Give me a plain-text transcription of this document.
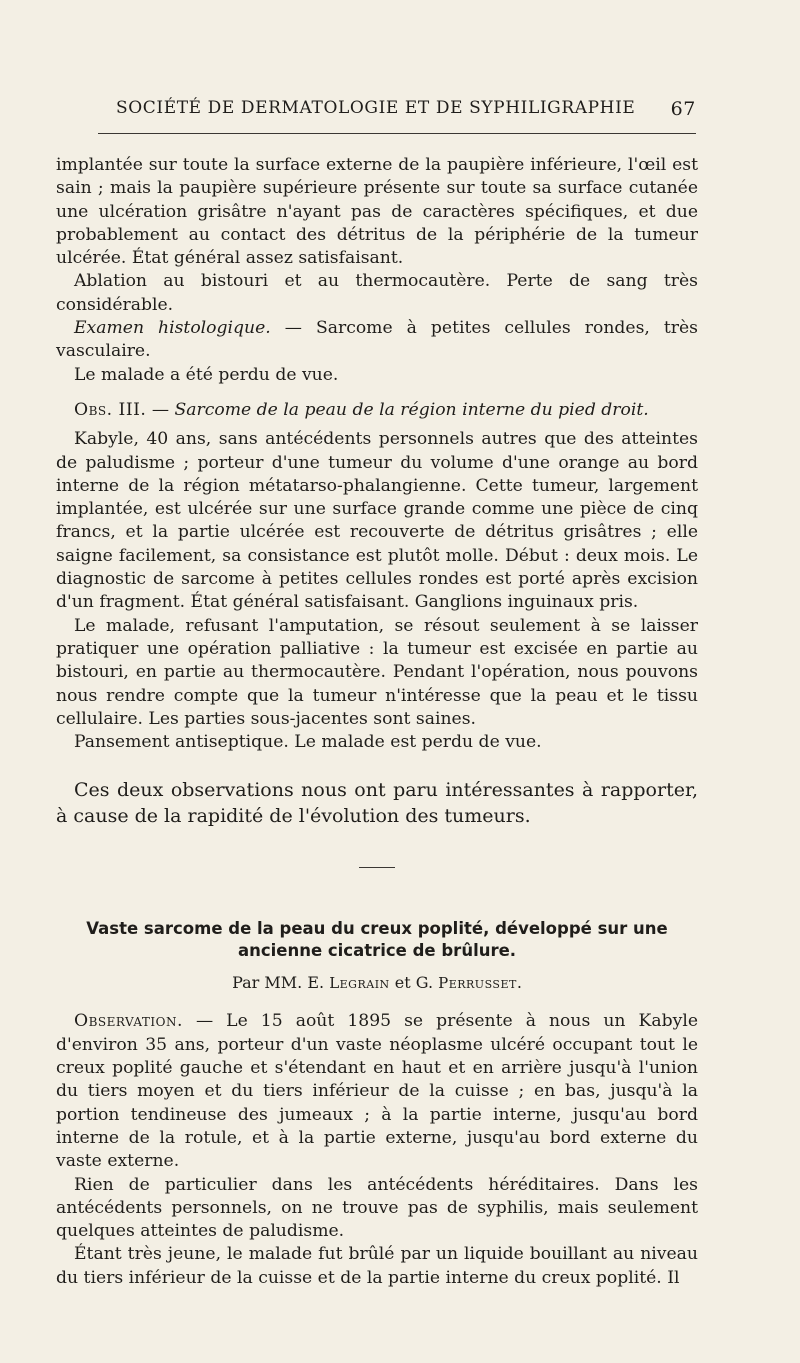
SOCIÉTÉ DE DERMATOLOGIE ET DE SYPHILIGRAPHIE 67

implantée sur toute la surface externe de la paupière inférieure, l'œil est sain ; mais la paupière supérieure présente sur toute sa surface cutanée une ulcération grisâtre n'ayant pas de caractères spécifiques, et due probablement au contact des détritus de la périphérie de la tumeur ulcérée. État général assez satisfaisant.

Ablation au bistouri et au thermocautère. Perte de sang très considérable.

Examen histologique. — Sarcome à petites cellules rondes, très vasculaire.

Le malade a été perdu de vue.

Obs. III. — Sarcome de la peau de la région interne du pied droit.

Kabyle, 40 ans, sans antécédents personnels autres que des atteintes de paludisme ; porteur d'une tumeur du volume d'une orange au bord interne de la région métatarso-phalangienne. Cette tumeur, largement implantée, est ulcérée sur une surface grande comme une pièce de cinq francs, et la partie ulcérée est recouverte de détritus grisâtres ; elle saigne facilement, sa consistance est plutôt molle. Début : deux mois. Le diagnostic de sarcome à petites cellules rondes est porté après excision d'un fragment. État général satisfaisant. Ganglions inguinaux pris.

Le malade, refusant l'amputation, se résout seulement à se laisser pratiquer une opération palliative : la tumeur est excisée en partie au bistouri, en partie au thermocautère. Pendant l'opération, nous pouvons nous rendre compte que la tumeur n'intéresse que la peau et le tissu cellulaire. Les parties sous-jacentes sont saines.

Pansement antiseptique. Le malade est perdu de vue.

Ces deux observations nous ont paru intéressantes à rapporter, à cause de la rapidité de l'évolution des tumeurs.

Vaste sarcome de la peau du creux poplité, développé sur une ancienne cicatrice de brûlure.
Par MM. E. Legrain et G. Perrusset.

Observation. — Le 15 août 1895 se présente à nous un Kabyle d'environ 35 ans, porteur d'un vaste néoplasme ulcéré occupant tout le creux poplité gauche et s'étendant en haut et en arrière jusqu'à l'union du tiers moyen et du tiers inférieur de la cuisse ; en bas, jusqu'à la portion tendineuse des jumeaux ; à la partie interne, jusqu'au bord interne de la rotule, et à la partie externe, jusqu'au bord externe du vaste externe.

Rien de particulier dans les antécédents héréditaires. Dans les antécédents personnels, on ne trouve pas de syphilis, mais seulement quelques atteintes de paludisme.

Étant très jeune, le malade fut brûlé par un liquide bouillant au niveau du tiers inférieur de la cuisse et de la partie interne du creux poplité. Il
